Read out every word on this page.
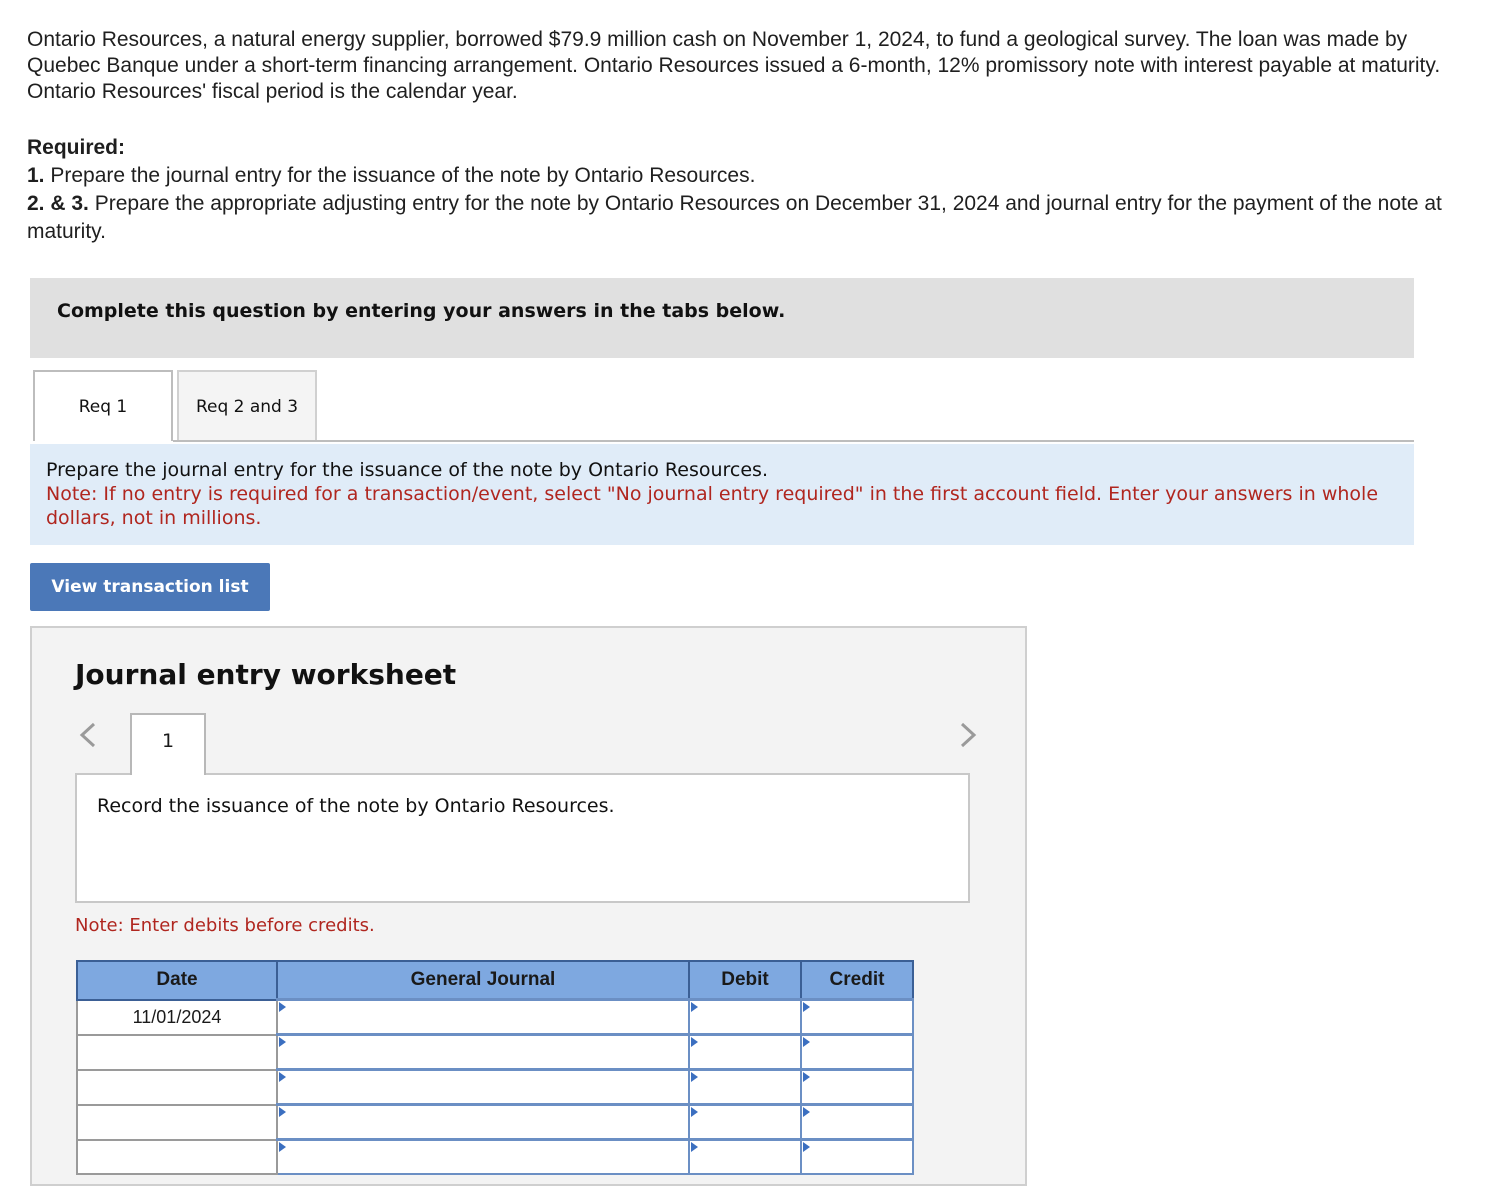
Ontario Resources, a natural energy supplier, borrowed $79.9 million cash on November 1, 2024, to fund a geological survey. The loan was made by Quebec Banque under a short-term financing arrangement. Ontario Resources issued a 6-month, 12% promissory note with interest payable at maturity. Ontario Resources' fiscal period is the calendar year.
Required:
1. Prepare the journal entry for the issuance of the note by Ontario Resources.
2. & 3. Prepare the appropriate adjusting entry for the note by Ontario Resources on December 31, 2024 and journal entry for the payment of the note at maturity.
Complete this question by entering your answers in the tabs below.
Req 1	Req 2 and 3
Prepare the journal entry for the issuance of the note by Ontario Resources.
Note: If no entry is required for a transaction/event, select "No journal entry required" in the first account field. Enter your answers in whole dollars, not in millions.
View transaction list
Journal entry worksheet
1
Record the issuance of the note by Ontario Resources.
Note: Enter debits before credits.
Date	General Journal	Debit	Credit
11/01/2024	
